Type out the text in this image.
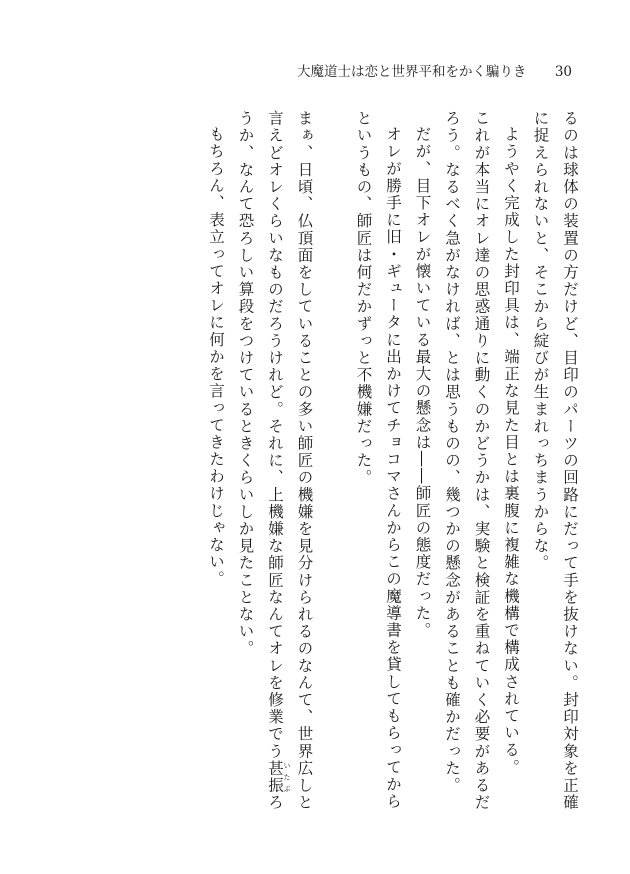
大魔道士は恋と世界平和をかく騙りき 30

るのは球体の装置の方だけど、目印のパーツの回路にだって手を抜けない。封印対象を正確に捉えられないと、そこから綻びが生まれっちまうからな。

ようやく完成した封印具は、端正な見た目とは裏腹に複雑な機構で構成されている。

これが本当にオレ達の思惑通りに動くのかどうかは、実験と検証を重ねていく必要があるだろう。なるべく急がなければ、とは思うものの、幾つかの懸念があることも確かだった。

だが、目下オレが懐いている最大の懸念は――師匠の態度だった。

オレが勝手に旧・ギュータに出かけてチョコマさんからこの魔導書を貸してもらってからというもの、師匠は何だかずっと不機嫌だった。

まぁ、日頃、仏頂面をしていることの多い師匠の機嫌を見分けられるのなんて、世界広しと言えどオレくらいなものだろうけれど。それに、上機嫌な師匠なんてオレを修業でう甚振 いたぶろうか、なんて恐ろしい算段をつけているときくらいしか見たことない。

もちろん、表立ってオレに何かを言ってきたわけじゃない。
